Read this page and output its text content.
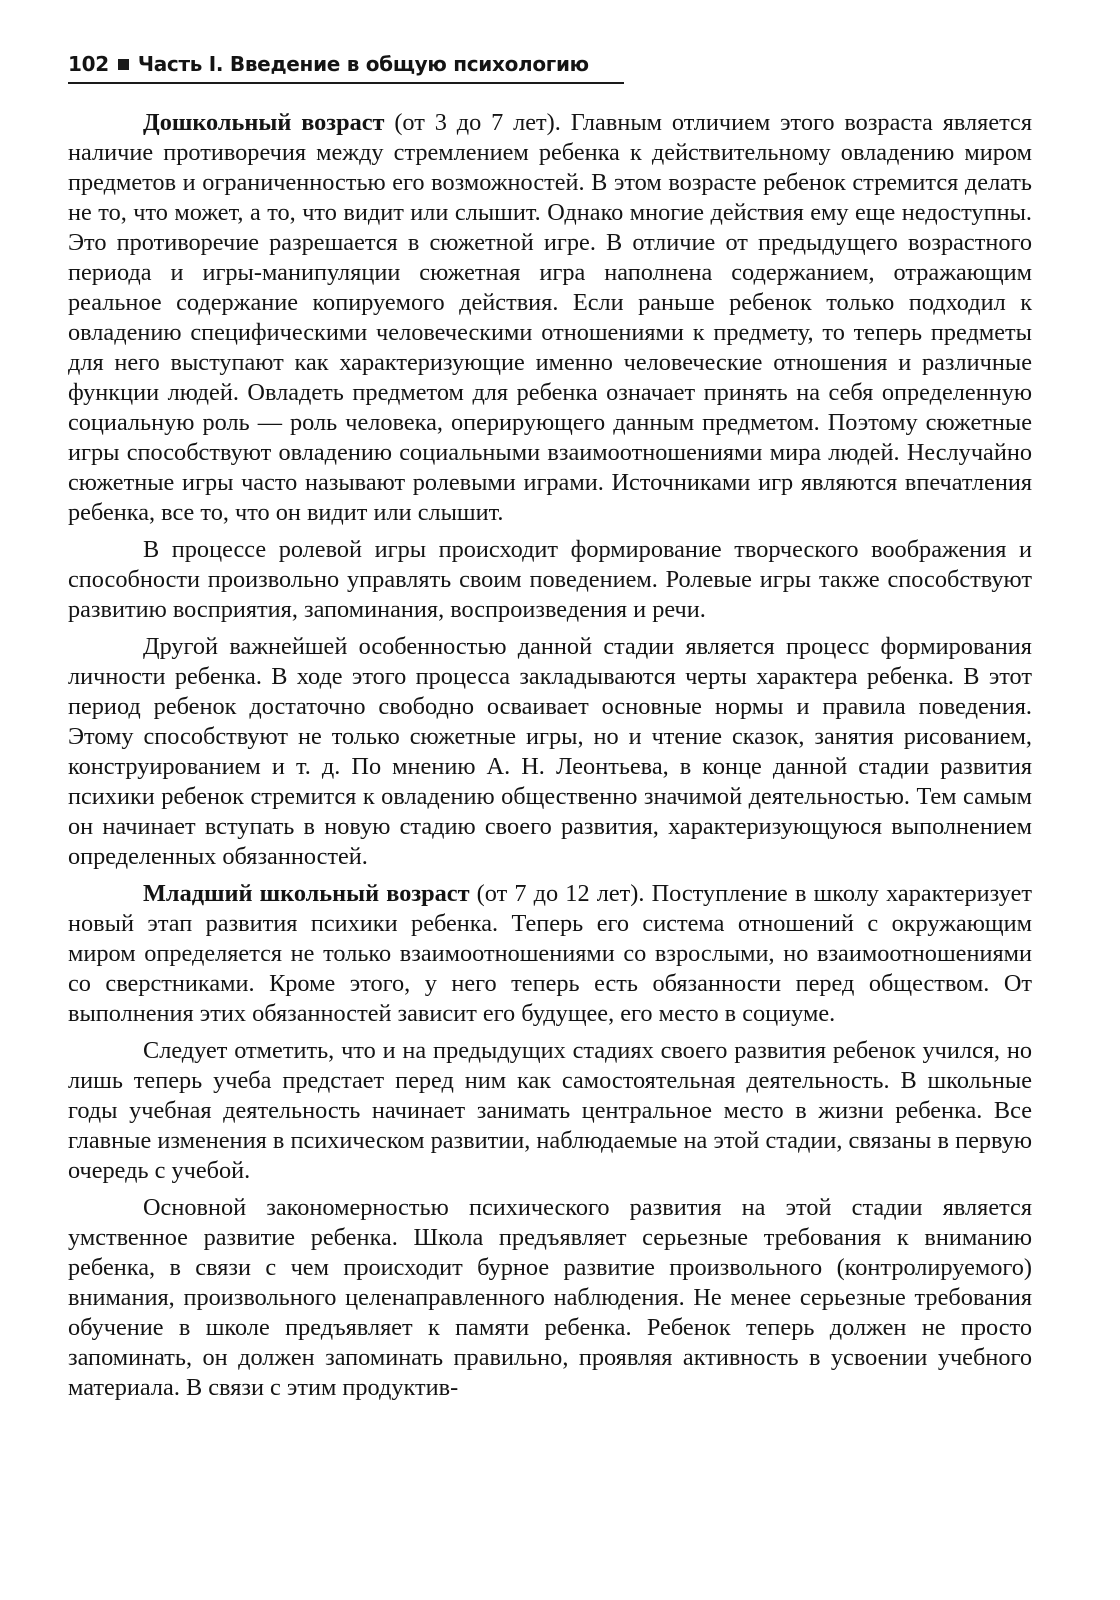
102 Часть I. Введение в общую психологию

Дошкольный возраст (от 3 до 7 лет). Главным отличием этого возраста является наличие противоречия между стремлением ребенка к действительному овладению миром предметов и ограниченностью его возможностей. В этом возрасте ребенок стремится делать не то, что может, а то, что видит или слышит. Однако многие действия ему еще недоступны. Это противоречие разрешается в сюжетной игре. В отличие от предыдущего возрастного периода и игры-манипуляции сюжетная игра наполнена содержанием, отражающим реальное содержание копируемого действия. Если раньше ребенок только подходил к овладению специфическими человеческими отношениями к предмету, то теперь предметы для него выступают как характеризующие именно человеческие отношения и различные функции людей. Овладеть предметом для ребенка означает принять на себя определенную социальную роль — роль человека, оперирующего данным предметом. Поэтому сюжетные игры способствуют овладению социальными взаимоотношениями мира людей. Неслучайно сюжетные игры часто называют ролевыми играми. Источниками игр являются впечатления ребенка, все то, что он видит или слышит.

В процессе ролевой игры происходит формирование творческого воображения и способности произвольно управлять своим поведением. Ролевые игры также способствуют развитию восприятия, запоминания, воспроизведения и речи.

Другой важнейшей особенностью данной стадии является процесс формирования личности ребенка. В ходе этого процесса закладываются черты характера ребенка. В этот период ребенок достаточно свободно осваивает основные нормы и правила поведения. Этому способствуют не только сюжетные игры, но и чтение сказок, занятия рисованием, конструированием и т. д. По мнению А. Н. Леонтьева, в конце данной стадии развития психики ребенок стремится к овладению общественно значимой деятельностью. Тем самым он начинает вступать в новую стадию своего развития, характеризующуюся выполнением определенных обязанностей.

Младший школьный возраст (от 7 до 12 лет). Поступление в школу характеризует новый этап развития психики ребенка. Теперь его система отношений с окружающим миром определяется не только взаимоотношениями со взрослыми, но взаимоотношениями со сверстниками. Кроме этого, у него теперь есть обязанности перед обществом. От выполнения этих обязанностей зависит его будущее, его место в социуме.

Следует отметить, что и на предыдущих стадиях своего развития ребенок учился, но лишь теперь учеба предстает перед ним как самостоятельная деятельность. В школьные годы учебная деятельность начинает занимать центральное место в жизни ребенка. Все главные изменения в психическом развитии, наблюдаемые на этой стадии, связаны в первую очередь с учебой.

Основной закономерностью психического развития на этой стадии является умственное развитие ребенка. Школа предъявляет серьезные требования к вниманию ребенка, в связи с чем происходит бурное развитие произвольного (контролируемого) внимания, произвольного целенаправленного наблюдения. Не менее серьезные требования обучение в школе предъявляет к памяти ребенка. Ребенок теперь должен не просто запоминать, он должен запоминать правильно, проявляя активность в усвоении учебного материала. В связи с этим продуктив-
